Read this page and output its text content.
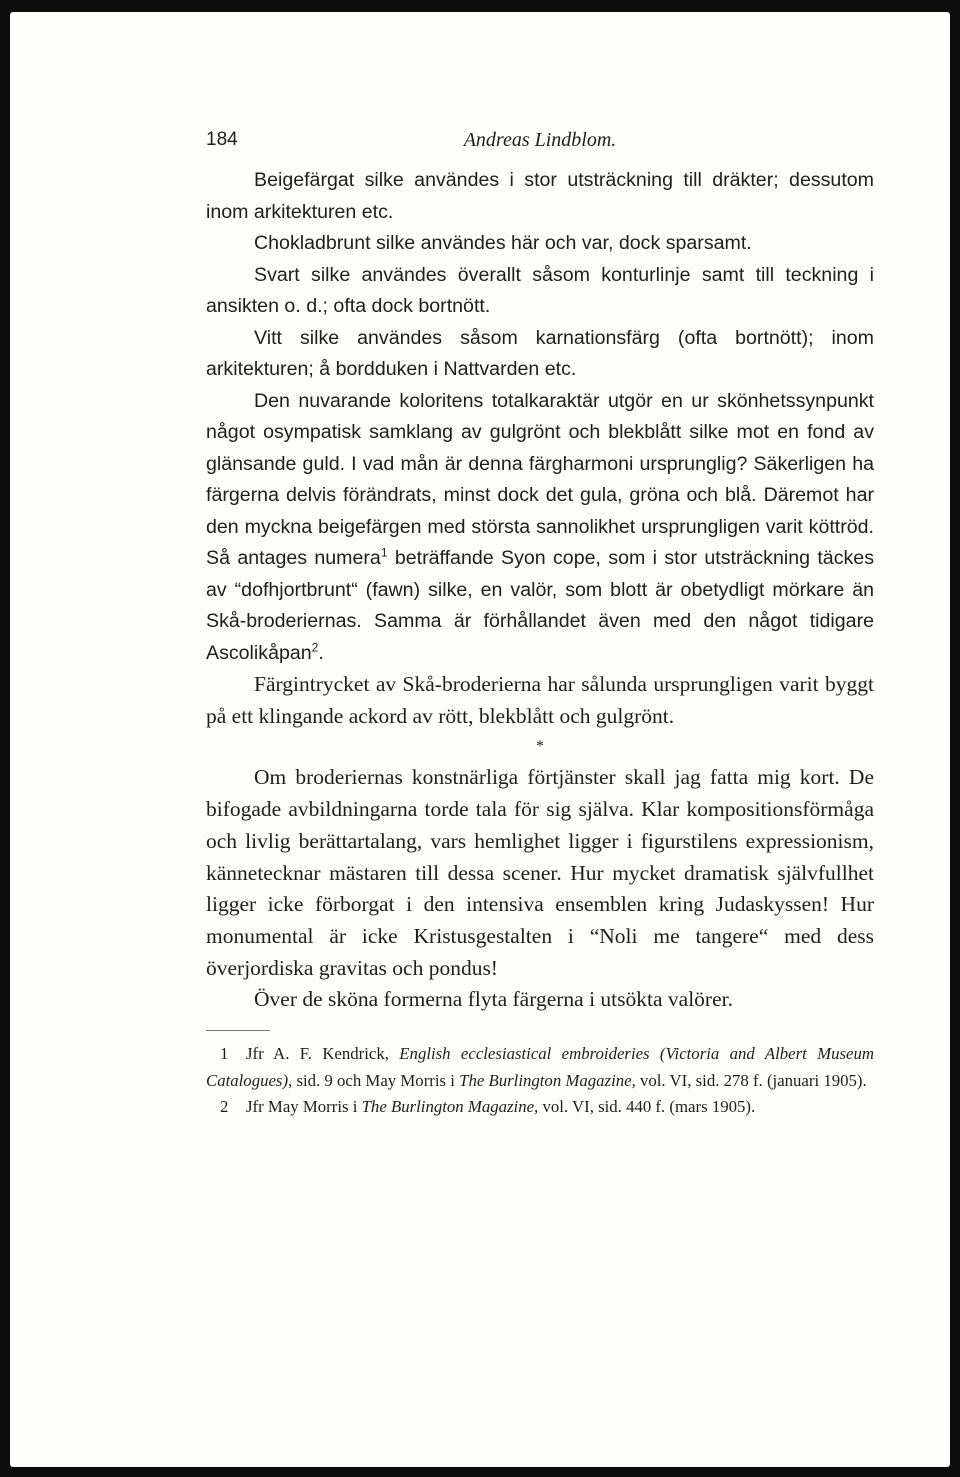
184	Andreas Lindblom.

Beigefärgat silke användes i stor utsträckning till dräkter; dessutom inom arkitekturen etc.

Chokladbrunt silke användes här och var, dock sparsamt.

Svart silke användes överallt såsom konturlinje samt till teckning i ansikten o. d.; ofta dock bortnött.

Vitt silke användes såsom karnationsfärg (ofta bortnött); inom arkitekturen; å bordduken i Nattvarden etc.

Den nuvarande koloritens totalkaraktär utgör en ur skönhetssynpunkt något osympatisk samklang av gulgrönt och blekblått silke mot en fond av glänsande guld. I vad mån är denna färgharmoni ursprunglig? Säkerligen ha färgerna delvis förändrats, minst dock det gula, gröna och blå. Däremot har den myckna beigefärgen med största sannolikhet ursprungligen varit köttröd. Så antages numera$^1$ beträffande Syon cope, som i stor utsträckning täckes av “dofhjortbrunt“ (fawn) silke, en valör, som blott är obetydligt mörkare än Skå-broderiernas. Samma är förhållandet även med den något tidigare Ascolikåpan$^2$.

Färgintrycket av Skå-broderierna har sålunda ursprungligen varit byggt på ett klingande ackord av rött, blekblått och gulgrönt.

*

Om broderiernas konstnärliga förtjänster skall jag fatta mig kort. De bifogade avbildningarna torde tala för sig själva. Klar kompositionsförmåga och livlig berättartalang, vars hemlighet ligger i figurstilens expressionism, kännetecknar mästaren till dessa scener. Hur mycket dramatisk självfullhet ligger icke förborgat i den intensiva ensemblen kring Judaskyssen! Hur monumental är icke Kristusgestalten i “Noli me tangere“ med dess överjordiska gravitas och pondus!

Över de sköna formerna flyta färgerna i utsökta valörer.

1 Jfr A. F. Kendrick, English ecclesiastical embroideries (Victoria and Albert Museum Catalogues), sid. 9 och May Morris i The Burlington Magazine, vol. VI, sid. 278 f. (januari 1905).

2 Jfr May Morris i The Burlington Magazine, vol. VI, sid. 440 f. (mars 1905).
